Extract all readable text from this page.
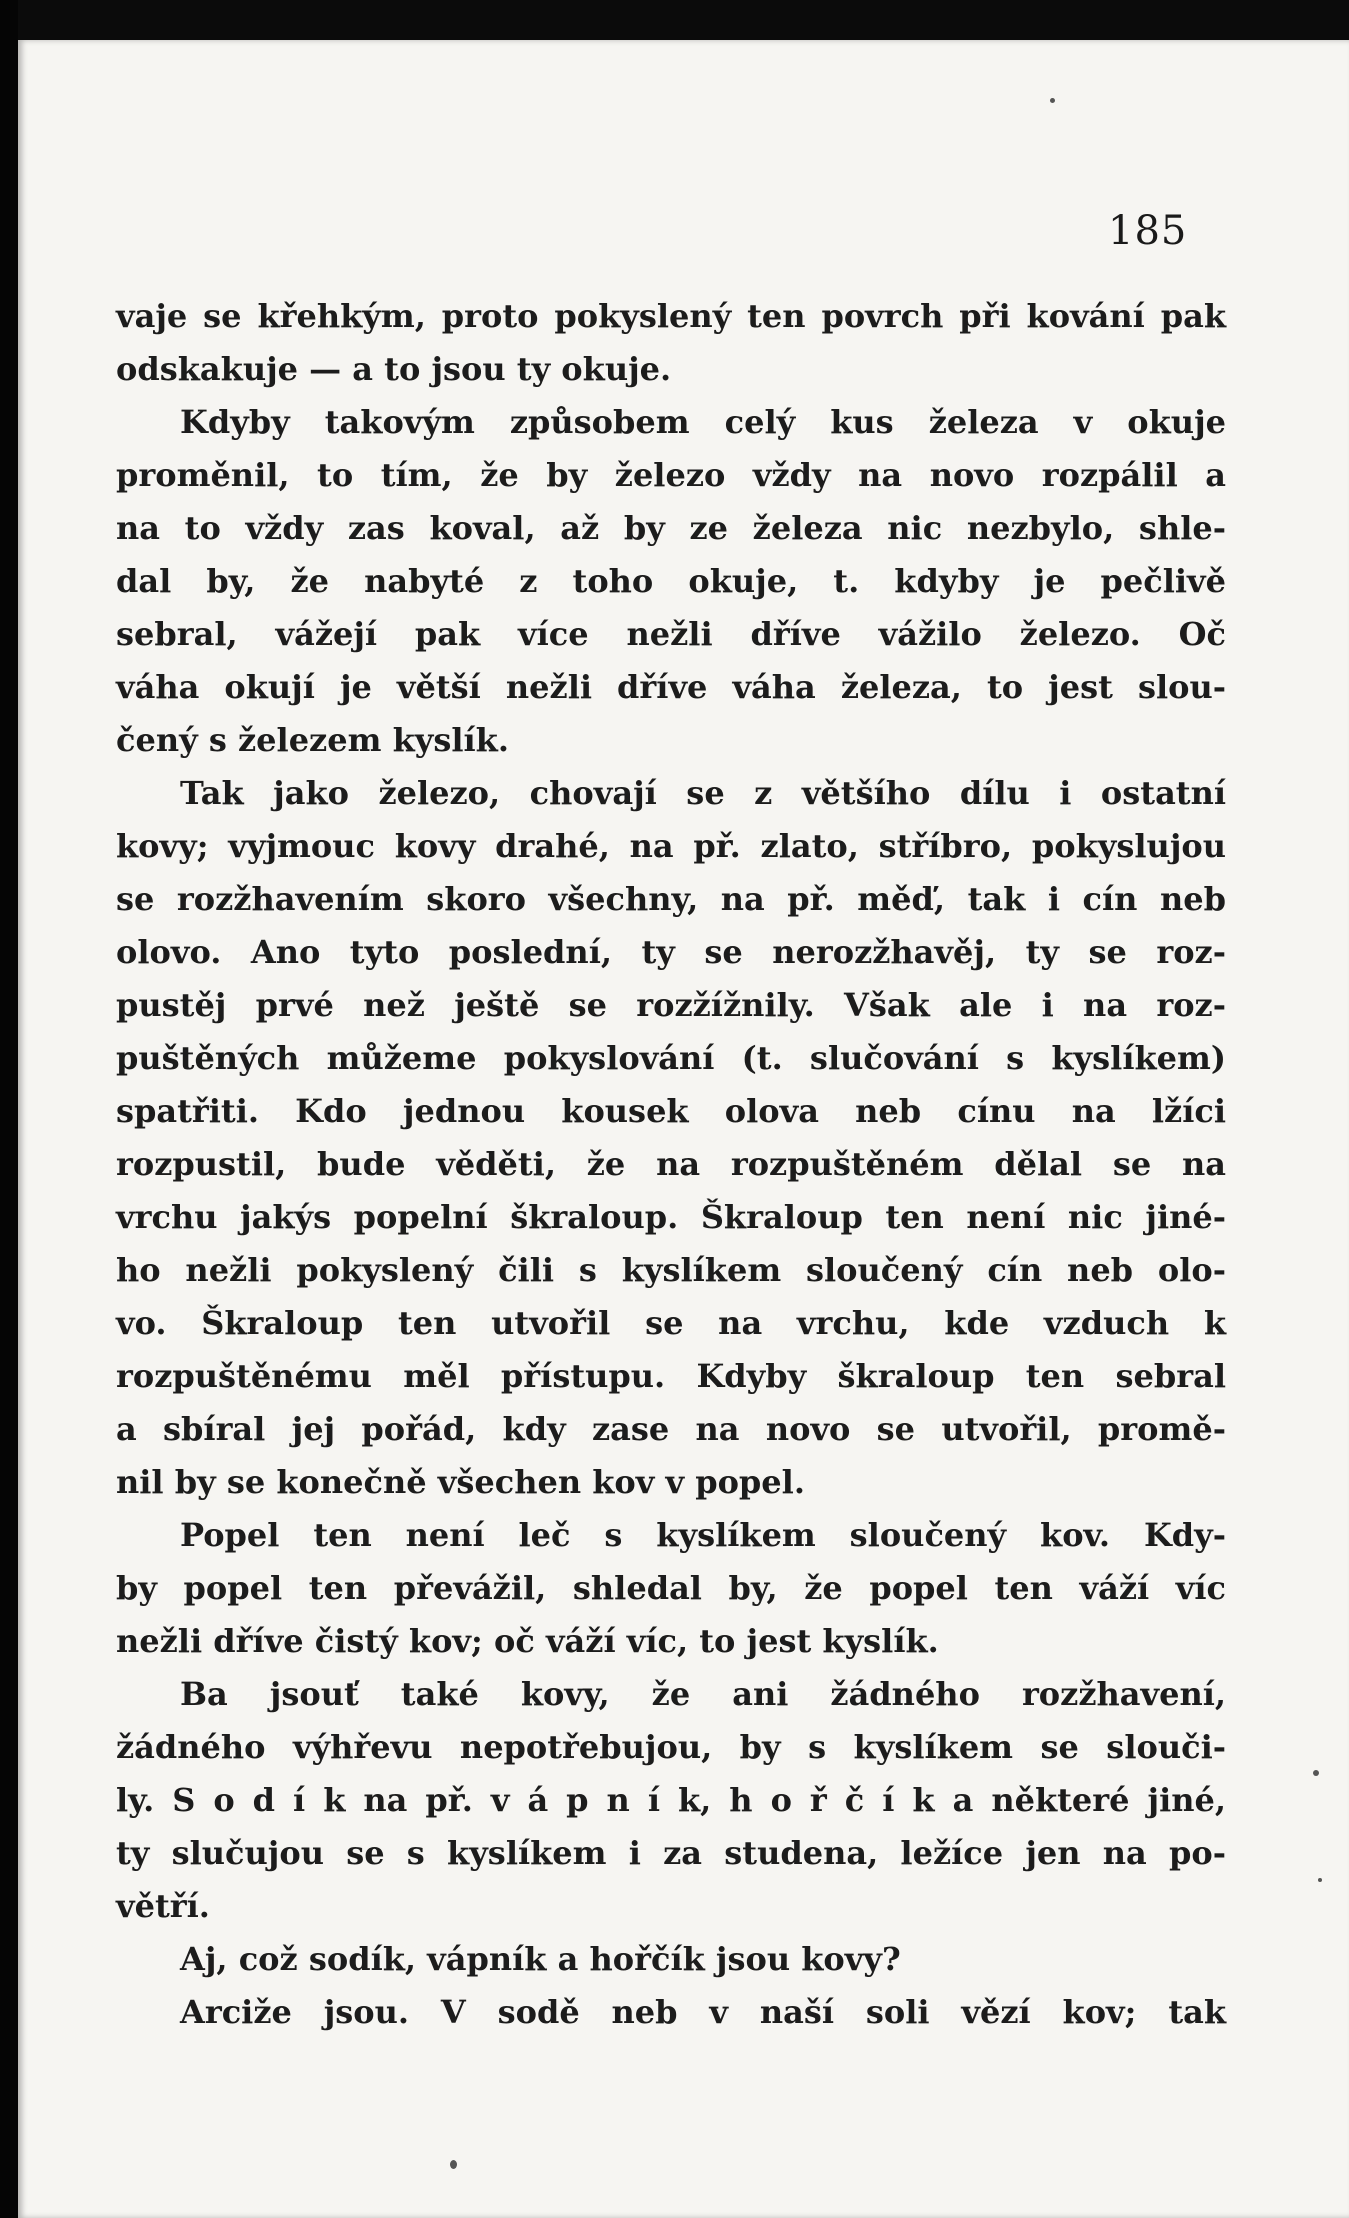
185
vaje se křehkým, proto pokyslený ten povrch při kování pak
odskakuje — a to jsou ty okuje.
Kdyby takovým způsobem celý kus železa v okuje
proměnil, to tím, že by železo vždy na novo rozpálil a
na to vždy zas koval, až by ze železa nic nezbylo, shle-
dal by, že nabyté z toho okuje, t. kdyby je pečlivě
sebral, vážejí pak více nežli dříve vážilo železo. Oč
váha okují je větší nežli dříve váha železa, to jest slou-
čený s železem kyslík.
Tak jako železo, chovají se z většího dílu i ostatní
kovy; vyjmouc kovy drahé, na př. zlato, stříbro, pokyslujou
se rozžhavením skoro všechny, na př. měď, tak i cín neb
olovo. Ano tyto poslední, ty se nerozžhavěj, ty se roz-
pustěj prvé než ještě se rozžížnily. Však ale i na roz-
puštěných můžeme pokyslování (t. slučování s kyslíkem)
spatřiti. Kdo jednou kousek olova neb cínu na lžíci
rozpustil, bude věděti, že na rozpuštěném dělal se na
vrchu jakýs popelní škraloup. Škraloup ten není nic jiné-
ho nežli pokyslený čili s kyslíkem sloučený cín neb olo-
vo. Škraloup ten utvořil se na vrchu, kde vzduch k
rozpuštěnému měl přístupu. Kdyby škraloup ten sebral
a sbíral jej pořád, kdy zase na novo se utvořil, promě-
nil by se konečně všechen kov v popel.
Popel ten není leč s kyslíkem sloučený kov. Kdy-
by popel ten převážil, shledal by, že popel ten váží víc
nežli dříve čistý kov; oč váží víc, to jest kyslík.
Ba jsouť také kovy, že ani žádného rozžhavení,
žádného výhřevu nepotřebujou, by s kyslíkem se slouči-
ly. S o d í k na př. v á p n í k, h o ř č í k a některé jiné,
ty slučujou se s kyslíkem i za studena, ležíce jen na po-
větří.
Aj, což sodík, vápník a hořčík jsou kovy?
Arciže jsou. V sodě neb v naší soli vězí kov; tak
